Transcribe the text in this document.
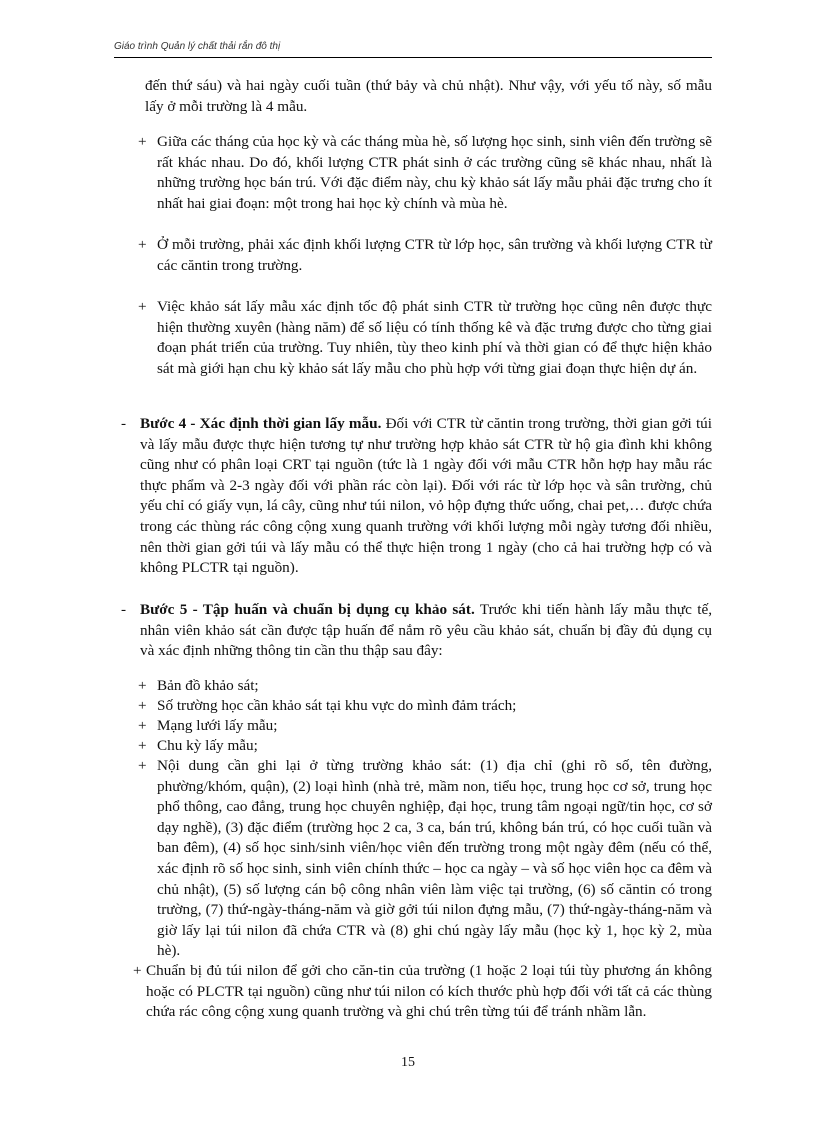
Giáo trình Quản lý chất thải rắn đô thị

đến thứ sáu) và hai ngày cuối tuần (thứ bảy và chủ nhật). Như vậy, với yếu tố này, số mẫu lấy ở mỗi trường là 4 mẫu.

+ Giữa các tháng của học kỳ và các tháng mùa hè, số lượng học sinh, sinh viên đến trường sẽ rất khác nhau. Do đó, khối lượng CTR phát sinh ở các trường cũng sẽ khác nhau, nhất là những trường học bán trú. Với đặc điểm này, chu kỳ khảo sát lấy mẫu phải đặc trưng cho ít nhất hai giai đoạn: một trong hai học kỳ chính và mùa hè.

+ Ở mỗi trường, phải xác định khối lượng CTR từ lớp học, sân trường và khối lượng CTR từ các căntin trong trường.

+ Việc khảo sát lấy mẫu xác định tốc độ phát sinh CTR từ trường học cũng nên được thực hiện thường xuyên (hàng năm) để số liệu có tính thống kê và đặc trưng được cho từng giai đoạn phát triển của trường. Tuy nhiên, tùy theo kinh phí và thời gian có để thực hiện khảo sát mà giới hạn chu kỳ khảo sát lấy mẫu cho phù hợp với từng giai đoạn thực hiện dự án.

- Bước 4 - Xác định thời gian lấy mẫu. Đối với CTR từ căntin trong trường, thời gian gởi túi và lấy mẫu được thực hiện tương tự như trường hợp khảo sát CTR từ hộ gia đình khi không cũng như có phân loại CRT tại nguồn (tức là 1 ngày đối với mẫu CTR hỗn hợp hay mẫu rác thực phẩm và 2-3 ngày đối với phần rác còn lại). Đối với rác từ lớp học và sân trường, chủ yếu chỉ có giấy vụn, lá cây, cũng như túi nilon, vỏ hộp đựng thức uống, chai pet,… được chứa trong các thùng rác công cộng xung quanh trường với khối lượng mỗi ngày tương đối nhiều, nên thời gian gởi túi và lấy mẫu có thể thực hiện trong 1 ngày (cho cả hai trường hợp có và không PLCTR tại nguồn).

- Bước 5 - Tập huấn và chuẩn bị dụng cụ khảo sát. Trước khi tiến hành lấy mẫu thực tế, nhân viên khảo sát cần được tập huấn để nắm rõ yêu cầu khảo sát, chuẩn bị đầy đủ dụng cụ và xác định những thông tin cần thu thập sau đây:

+ Bản đồ khảo sát;

+ Số trường học cần khảo sát tại khu vực do mình đảm trách;

+ Mạng lưới lấy mẫu;

+ Chu kỳ lấy mẫu;

+ Nội dung cần ghi lại ở từng trường khảo sát: (1) địa chỉ (ghi rõ số, tên đường, phường/khóm, quận), (2) loại hình (nhà trẻ, mầm non, tiểu học, trung học cơ sở, trung học phổ thông, cao đẳng, trung học chuyên nghiệp, đại học, trung tâm ngoại ngữ/tin học, cơ sở dạy nghề), (3) đặc điểm (trường học 2 ca, 3 ca, bán trú, không bán trú, có học cuối tuần và ban đêm), (4) số học sinh/sinh viên/học viên đến trường trong một ngày đêm (nếu có thể, xác định rõ số học sinh, sinh viên chính thức – học ca ngày – và số học viên học ca đêm và chủ nhật), (5) số lượng cán bộ công nhân viên làm việc tại trường, (6) số căntin có trong trường, (7) thứ-ngày-tháng-năm và giờ gởi túi nilon đựng mẫu, (7) thứ-ngày-tháng-năm và giờ lấy lại túi nilon đã chứa CTR và (8) ghi chú ngày lấy mẫu (học kỳ 1, học kỳ 2, mùa hè).

+ Chuẩn bị đủ túi nilon để gởi cho căn-tin của trường (1 hoặc 2 loại túi tùy phương án không hoặc có PLCTR tại nguồn) cũng như túi nilon có kích thước phù hợp đối với tất cả các thùng chứa rác công cộng xung quanh trường và ghi chú trên từng túi để tránh nhầm lẫn.

15
